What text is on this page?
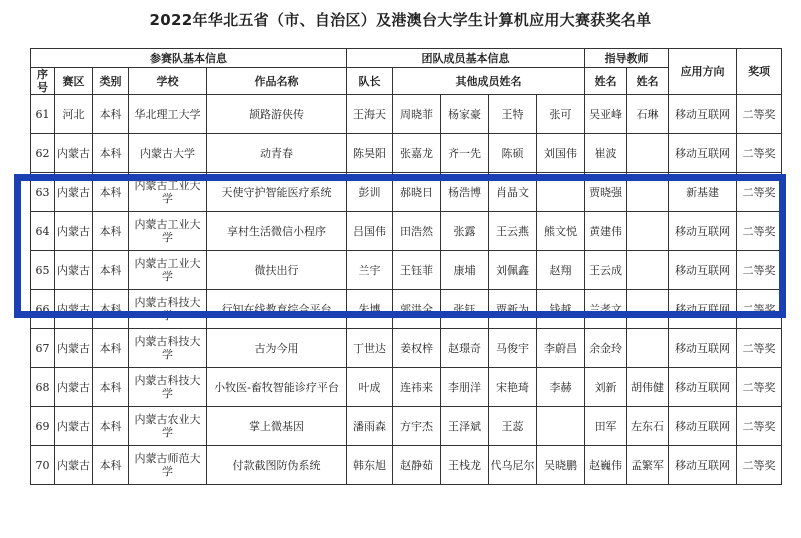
2022年华北五省（市、自治区）及港澳台大学生计算机应用大赛获奖名单
参赛队基本信息					团队成员基本信息					指导教师		应用方向	奖项
序号	赛区	类别	学校	作品名称	队长	其他成员姓名				姓名	姓名		
61	河北	本科	华北理工大学	颉路游侠传	王海天	周晓菲	杨家豪	王特	张可	吴亚峰	石琳	移动互联网	二等奖
62	内蒙古	本科	内蒙古大学	动青春	陈昊阳	张嘉龙	齐一先	陈硕	刘国伟	崔波		移动互联网	二等奖
63	内蒙古	本科	内蒙古工业大学	天使守护智能医疗系统	彭训	郝晓日	杨浩博	肖晶文		贾晓强		新基建	二等奖
64	内蒙古	本科	内蒙古工业大学	享村生活微信小程序	吕国伟	田浩然	张露	王云燕	熊文悦	黄建伟		移动互联网	二等奖
65	内蒙古	本科	内蒙古工业大学	微扶出行	兰宇	王钰菲	康埔	刘佩鑫	赵翔	王云成		移动互联网	二等奖
66	内蒙古	本科	内蒙古科技大学	行知在线教育综合平台	朱博	郭洪全	张钰	贾新为	钱越	兰孝文		移动互联网	二等奖
67	内蒙古	本科	内蒙古科技大学	古为今用	丁世达	姜权梓	赵璟奇	马俊宇	李蔚昌	余金玲		移动互联网	二等奖
68	内蒙古	本科	内蒙古科技大学	小牧医-畜牧智能诊疗平台	叶成	连祎来	李朋洋	宋艳琦	李赫	刘新	胡伟健	移动互联网	二等奖
69	内蒙古	本科	内蒙古农业大学	掌上微基因	潘雨森	方宇杰	王泽斌	王蕊		田军	左东石	移动互联网	二等奖
70	内蒙古	本科	内蒙古师范大学	付款截图防伪系统	韩东旭	赵静茹	王栈龙	代乌尼尔	吴晓鹏	赵巍伟	孟繁军	移动互联网	二等奖
